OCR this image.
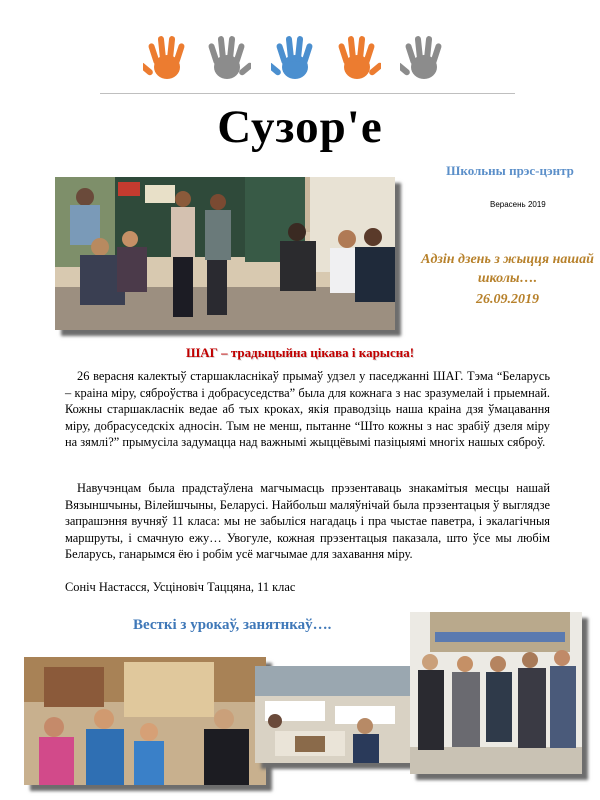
Сузор'е
Школьны прэс-цэнтр
Верасень 2019
Адзін дзень з жыцця нашай школы….
26.09.2019
ШАГ – традыцыйна цікава і карысна!
26 верасня калектыў старшакласнікаў прымаў удзел у паседжанні ШАГ. Тэма “Беларусь – краіна міру, сяброўства і добрасуседства” была для кожнага з нас зразумелай і прыемнай. Кожны старшакласнік ведае аб тых кроках, якія праводзіць наша краіна дзя ўмацавання міру, добрасуседскіх адносін. Тым не менш, пытанне “Што кожны з нас зрабіў дзеля міру на зямлі?” прымусіла задумацца над важнымі жыццёвымі пазіцыямі многіх нашых сяброў.
Навучэнцам была прадстаўлена магчымасць прэзентаваць знакамітыя месцы нашай Вязыншчыны, Вілейшчыны, Беларусі. Найбольш маляўнічай была прэзентацыя ў выглядзе запрашэння вучняў 11 класа: мы не забыліся нагадаць і пра чыстае паветра, і экалагічныя маршруты, і смачную ежу… Увогуле, кожная прэзентацыя паказала, што ўсе мы любім Беларусь, ганарымся ёю і робім усё магчымае для захавання міру.
Соніч Настасся, Усціновіч Таццяна, 11 клас
Весткі з урокаў, занятнкаў….
